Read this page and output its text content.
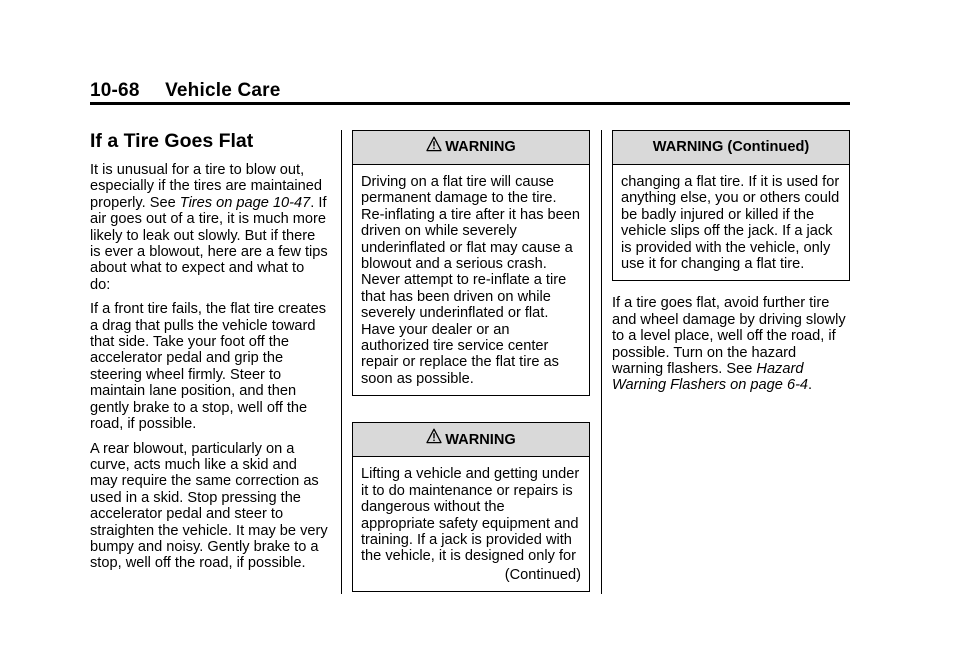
10-68 Vehicle Care
If a Tire Goes Flat

It is unusual for a tire to blow out, especially if the tires are maintained properly. See Tires on page 10-47. If air goes out of a tire, it is much more likely to leak out slowly. But if there is ever a blowout, here are a few tips about what to expect and what to do:

If a front tire fails, the flat tire creates a drag that pulls the vehicle toward that side. Take your foot off the accelerator pedal and grip the steering wheel firmly. Steer to maintain lane position, and then gently brake to a stop, well off the road, if possible.

A rear blowout, particularly on a curve, acts much like a skid and may require the same correction as used in a skid. Stop pressing the accelerator pedal and steer to straighten the vehicle. It may be very bumpy and noisy. Gently brake to a stop, well off the road, if possible.

WARNING

Driving on a flat tire will cause permanent damage to the tire. Re-inflating a tire after it has been driven on while severely underinflated or flat may cause a blowout and a serious crash. Never attempt to re-inflate a tire that has been driven on while severely underinflated or flat. Have your dealer or an authorized tire service center repair or replace the flat tire as soon as possible.

WARNING

Lifting a vehicle and getting under it to do maintenance or repairs is dangerous without the appropriate safety equipment and training. If a jack is provided with the vehicle, it is designed only for

(Continued)
WARNING (Continued)

changing a flat tire. If it is used for anything else, you or others could be badly injured or killed if the vehicle slips off the jack. If a jack is provided with the vehicle, only use it for changing a flat tire.

If a tire goes flat, avoid further tire and wheel damage by driving slowly to a level place, well off the road, if possible. Turn on the hazard warning flashers. See Hazard Warning Flashers on page 6-4.
